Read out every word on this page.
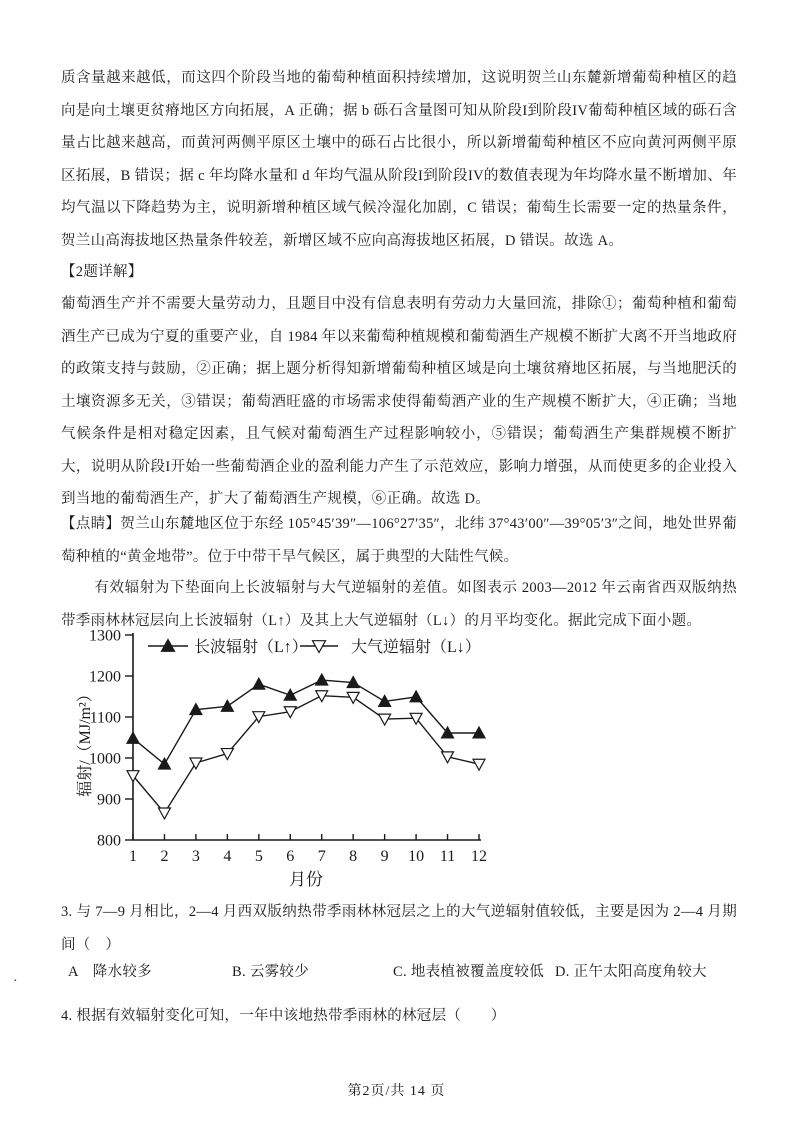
质含量越来越低，而这四个阶段当地的葡萄种植面积持续增加，这说明贺兰山东麓新增葡萄种植区的趋向是向土壤更贫瘠地区方向拓展，A 正确；据 b 砾石含量图可知从阶段I到阶段IV葡萄种植区域的砾石含量占比越来越高，而黄河两侧平原区土壤中的砾石占比很小，所以新增葡萄种植区不应向黄河两侧平原区拓展，B 错误；据 c 年均降水量和 d 年均气温从阶段I到阶段IV的数值表现为年均降水量不断增加、年均气温以下降趋势为主，说明新增种植区域气候冷湿化加剧，C 错误；葡萄生长需要一定的热量条件，贺兰山高海拔地区热量条件较差，新增区域不应向高海拔地区拓展，D 错误。故选 A。
【2题详解】
葡萄酒生产并不需要大量劳动力，且题目中没有信息表明有劳动力大量回流，排除①；葡萄种植和葡萄酒生产已成为宁夏的重要产业，自 1984 年以来葡萄种植规模和葡萄酒生产规模不断扩大离不开当地政府的政策支持与鼓励，②正确；据上题分析得知新增葡萄种植区域是向土壤贫瘠地区拓展，与当地肥沃的土壤资源多无关，③错误；葡萄酒旺盛的市场需求使得葡萄酒产业的生产规模不断扩大，④正确；当地气候条件是相对稳定因素，且气候对葡萄酒生产过程影响较小，⑤错误；葡萄酒生产集群规模不断扩大，说明从阶段I开始一些葡萄酒企业的盈利能力产生了示范效应，影响力增强，从而使更多的企业投入到当地的葡萄酒生产，扩大了葡萄酒生产规模，⑥正确。故选 D。
【点睛】贺兰山东麓地区位于东经 105°45′39″—106°27′35″，北纬 37°43′00″—39°05′3″之间，地处世界葡萄种植的“黄金地带”。位于中带干旱气候区，属于典型的大陆性气候。
有效辐射为下垫面向上长波辐射与大气逆辐射的差值。如图表示 2003—2012 年云南省西双版纳热带季雨林林冠层向上长波辐射（L↑）及其上大气逆辐射（L↓）的月平均变化。据此完成下面小题。
800
900
1000
1100
1200
1300
1 2 3 4 5 6 7 8 9 10 11 12
月份
辐射/（MJ/m²）
长波辐射（L↑）	大气逆辐射（L↓）
3. 与 7—9 月相比，2—4 月西双版纳热带季雨林林冠层之上的大气逆辐射值较低，主要是因为 2—4 月期间（　）
A　降水较多	B. 云雾较少	C. 地表植被覆盖度较低 D. 正午太阳高度角较大
·
4. 根据有效辐射变化可知，一年中该地热带季雨林的林冠层（　　）
第2页/共 14 页
